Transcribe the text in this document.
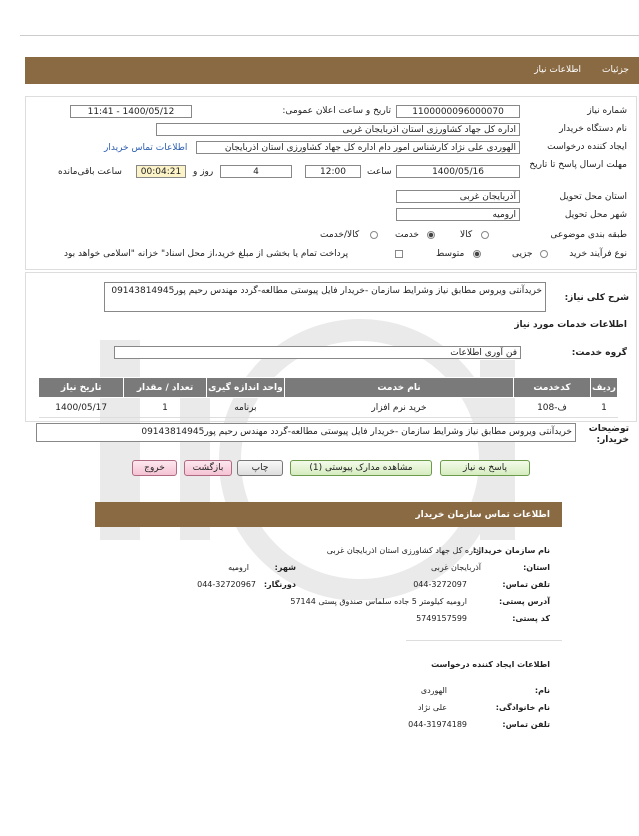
جزئیات
اطلاعات نیاز
شماره نیاز
1100000096000070
تاریخ و ساعت اعلان عمومی:
1400/05/12 - 11:41
نام دستگاه خریدار
اداره کل جهاد کشاورزی استان اذربایجان غربی
ایجاد کننده درخواست
الهوردی علی نژاد کارشناس امور دام اداره کل جهاد کشاورزی استان اذربایجان
اطلاعات تماس خریدار
مهلت ارسال پاسخ تا تاریخ
1400/05/16
ساعت
12:00
4
روز و
00:04:21
ساعت باقی‌مانده
استان محل تحویل
آذربایجان غربی
شهر محل تحویل
ارومیه
طبقه بندی موضوعی
کالا
خدمت
کالا/خدمت
نوع فرآیند خرید
جزیی
متوسط
پرداخت تمام یا بخشی از مبلغ خرید،از محل اسناد" خزانه "اسلامی خواهد بود
شرح کلی نیاز:
خریدآنتی ویروس مطابق نیاز وشرایط سازمان -خریدار فایل پیوستی مطالعه-گردد مهندس رحیم پور09143814945
اطلاعات خدمات مورد نیاز
گروه خدمت:
فن آوری اطلاعات
ردیف	کدخدمت	نام خدمت	واحد اندازه گیری	تعداد / مقدار	تاریخ نیاز
1	ف-108	خرید نرم افزار	برنامه	1	1400/05/17
توضیحات خریدار:
خریدآنتی ویروس مطابق نیاز وشرایط سازمان -خریدار فایل پیوستی مطالعه-گردد مهندس رحیم پور09143814945
پاسخ به نیاز
مشاهده مدارک پیوستی (1)
چاپ
بازگشت
خروج
اطلاعات تماس سازمان خریدار
نام سازمان خریدار:
اداره کل جهاد کشاورزی استان اذربایجان غربی
استان:
آذربایجان غربی
شهر:
ارومیه
تلفن تماس:
044-3272097
دورنگار:
044-32720967
آدرس پستی:
ارومیه کیلومتر 5 جاده سلماس صندوق پستی 57144
کد پستی:
5749157599
اطلاعات ایجاد کننده درخواست
نام:
الهوردی
نام خانوادگی:
علی نژاد
تلفن تماس:
044-31974189
